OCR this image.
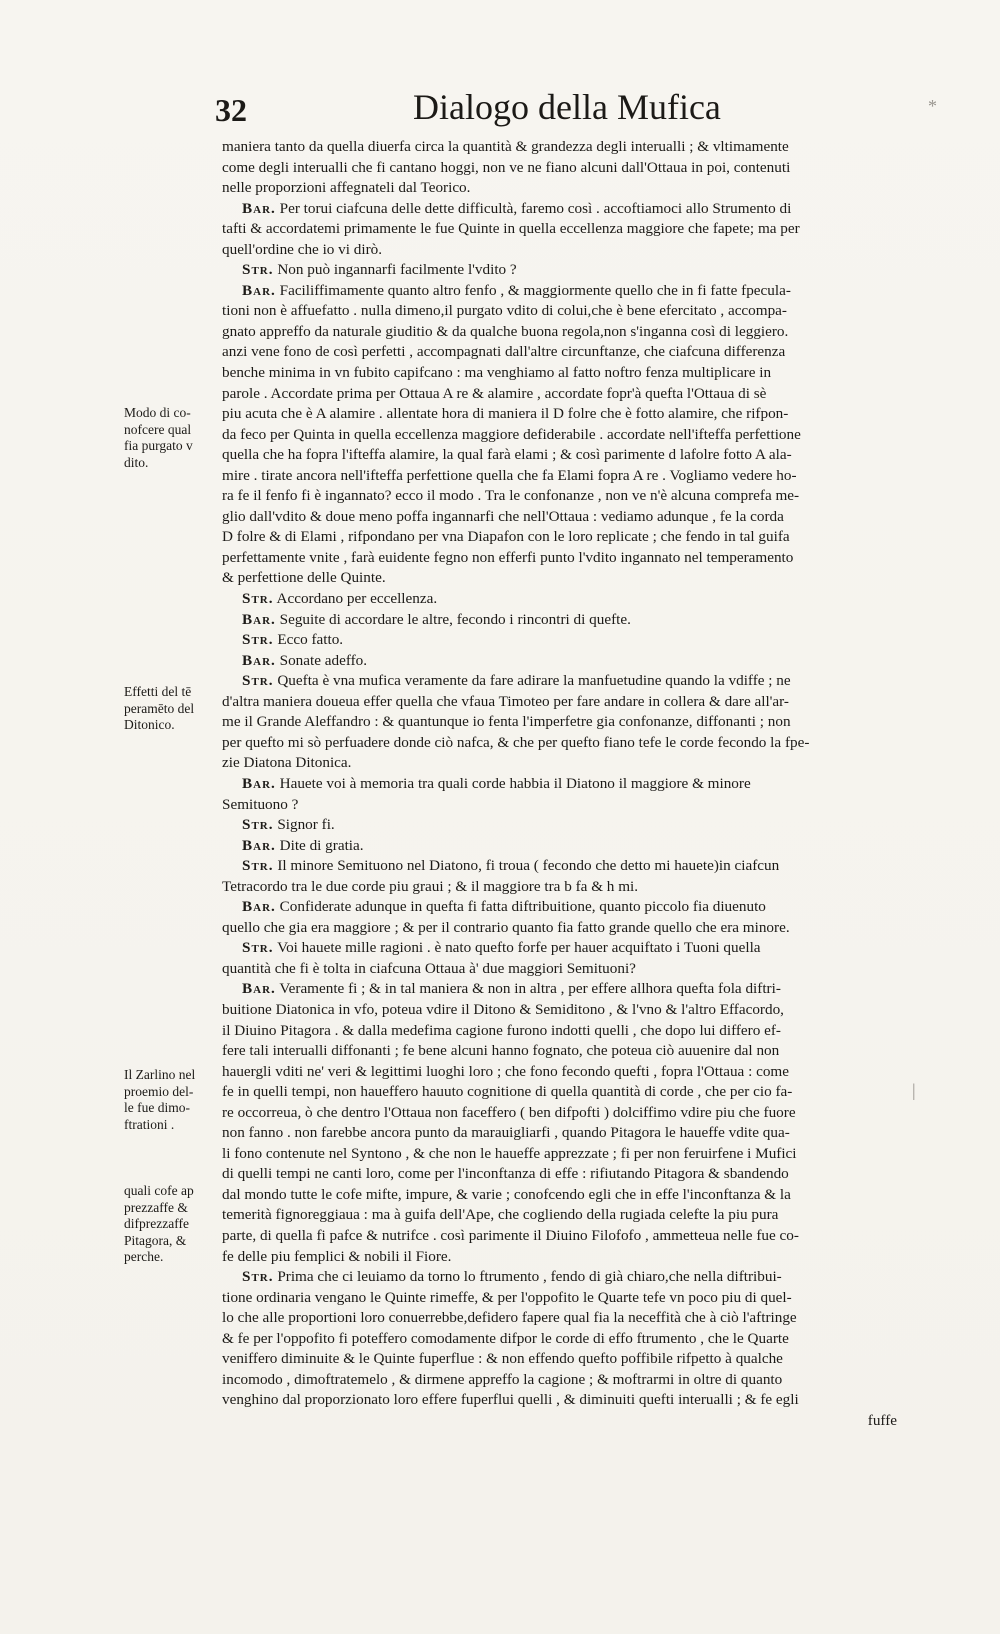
32	Dialogo della Mufica
Modo di co-
nofcere qual
fia purgato v
dito.
Effetti del tē
peramēto del
Ditonico.
Il Zarlino nel
proemio del-
le fue dimo-
ftrationi .
quali cofe ap
prezzaffe &
difprezzaffe
Pitagora, &
perche.
maniera tanto da quella diuerfa circa la quantità & grandezza degli interualli ; & vltimamente
come degli interualli che fi cantano hoggi, non ve ne fiano alcuni dall'Ottaua in poi, contenuti
nelle proporzioni affegnateli dal Teorico.
Bar. Per torui ciafcuna delle dette difficultà, faremo così . accoftiamoci allo Strumento di
tafti & accordatemi primamente le fue Quinte in quella eccellenza maggiore che fapete; ma per
quell'ordine che io vi dirò.
Str. Non può ingannarfi facilmente l'vdito ?
Bar. Faciliffimamente quanto altro fenfo , & maggiormente quello che in fi fatte fpecula-
tioni non è affuefatto . nulla dimeno,il purgato vdito di colui,che è bene efercitato , accompa-
gnato appreffo da naturale giuditio & da qualche buona regola,non s'inganna così di leggiero.
anzi vene fono de così perfetti , accompagnati dall'altre circunftanze, che ciafcuna differenza
benche minima in vn fubito capifcano : ma venghiamo al fatto noftro fenza multiplicare in
parole . Accordate prima per Ottaua A re & alamire , accordate fopr'à quefta l'Ottaua di sè
piu acuta che è A alamire . allentate hora di maniera il D folre che è fotto alamire, che rifpon-
da feco per Quinta in quella eccellenza maggiore defiderabile . accordate nell'ifteffa perfettione
quella che ha fopra l'ifteffa alamire, la qual farà elami ; & così parimente d lafolre fotto A ala-
mire . tirate ancora nell'ifteffa perfettione quella che fa Elami fopra A re . Vogliamo vedere ho-
ra fe il fenfo fi è ingannato? ecco il modo . Tra le confonanze , non ve n'è alcuna comprefa me-
glio dall'vdito & doue meno poffa ingannarfi che nell'Ottaua : vediamo adunque , fe la corda
D folre & di Elami , rifpondano per vna Diapafon con le loro replicate ; che fendo in tal guifa
perfettamente vnite , farà euidente fegno non efferfi punto l'vdito ingannato nel temperamento
& perfettione delle Quinte.
Str. Accordano per eccellenza.
Bar. Seguite di accordare le altre, fecondo i rincontri di quefte.
Str. Ecco fatto.
Bar. Sonate adeffo.
Str. Quefta è vna mufica veramente da fare adirare la manfuetudine quando la vdiffe ; ne
d'altra maniera doueua effer quella che vfaua Timoteo per fare andare in collera & dare all'ar-
me il Grande Aleffandro : & quantunque io fenta l'imperfetre gia confonanze, diffonanti ; non
per quefto mi sò perfuadere donde ciò nafca, & che per quefto fiano tefe le corde fecondo la fpe-
zie Diatona Ditonica.
Bar. Hauete voi à memoria tra quali corde habbia il Diatono il maggiore & minore
Semituono ?
Str. Signor fi.
Bar. Dite di gratia.
Str. Il minore Semituono nel Diatono, fi troua ( fecondo che detto mi hauete)in ciafcun
Tetracordo tra le due corde piu graui ; & il maggiore tra b fa & h mi.
Bar. Confiderate adunque in quefta fi fatta diftribuitione, quanto piccolo fia diuenuto
quello che gia era maggiore ; & per il contrario quanto fia fatto grande quello che era minore.
Str. Voi hauete mille ragioni . è nato quefto forfe per hauer acquiftato i Tuoni quella
quantità che fi è tolta in ciafcuna Ottaua à' due maggiori Semituoni?
Bar. Veramente fi ; & in tal maniera & non in altra , per effere allhora quefta fola diftri-
buitione Diatonica in vfo, poteua vdire il Ditono & Semiditono , & l'vno & l'altro Effacordo,
il Diuino Pitagora . & dalla medefima cagione furono indotti quelli , che dopo lui differo ef-
fere tali interualli diffonanti ; fe bene alcuni hanno fognato, che poteua ciò auuenire dal non
hauergli vditi ne' veri & legittimi luoghi loro ; che fono fecondo quefti , fopra l'Ottaua : come
fe in quelli tempi, non haueffero hauuto cognitione di quella quantità di corde , che per cio fa-
re occorreua, ò che dentro l'Ottaua non faceffero ( ben difpofti ) dolciffimo vdire piu che fuore
non fanno . non farebbe ancora punto da marauigliarfi , quando Pitagora le haueffe vdite qua-
li fono contenute nel Syntono , & che non le haueffe apprezzate ; fi per non feruirfene i Mufici
di quelli tempi ne canti loro, come per l'inconftanza di effe : rifiutando Pitagora & sbandendo
dal mondo tutte le cofe mifte, impure, & varie ; conofcendo egli che in effe l'inconftanza & la
temerità fignoreggiaua : ma à guifa dell'Ape, che cogliendo della rugiada celefte la piu pura
parte, di quella fi pafce & nutrifce . così parimente il Diuino Filofofo , ammetteua nelle fue co-
fe delle piu femplici & nobili il Fiore.
Str. Prima che ci leuiamo da torno lo ftrumento , fendo di già chiaro,che nella diftribui-
tione ordinaria vengano le Quinte rimeffe, & per l'oppofito le Quarte tefe vn poco piu di quel-
lo che alle proportioni loro conuerrebbe,defidero fapere qual fia la neceffità che à ciò l'aftringe
& fe per l'oppofito fi poteffero comodamente difpor le corde di effo ftrumento , che le Quarte
veniffero diminuite & le Quinte fuperflue : & non effendo quefto poffibile rifpetto à qualche
incomodo , dimoftratemelo , & dirmene appreffo la cagione ; & moftrarmi in oltre di quanto
venghino dal proporzionato loro effere fuperflui quelli , & diminuiti quefti interualli ; & fe egli
fuffe
*
|
